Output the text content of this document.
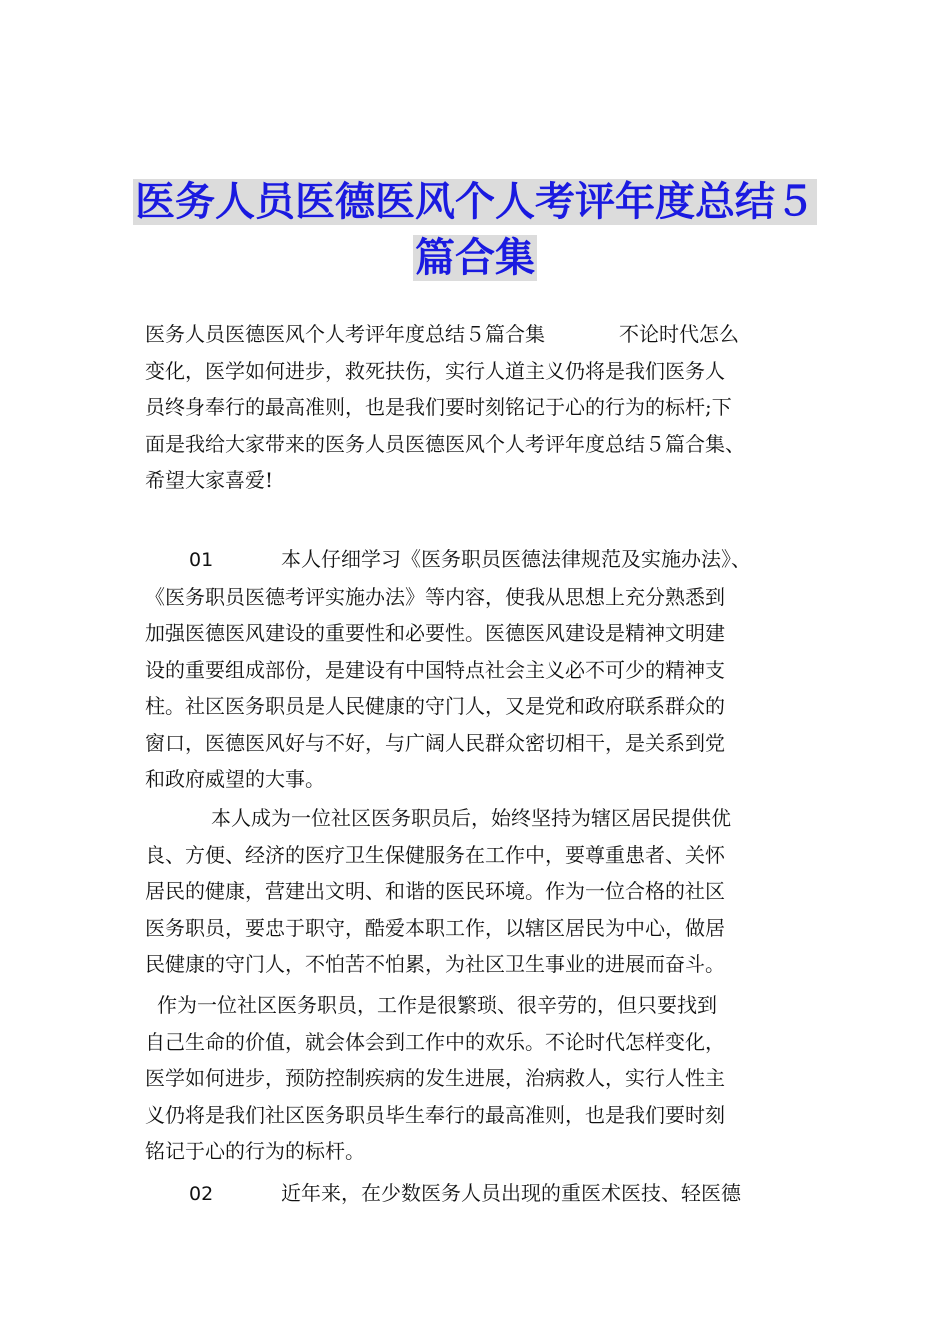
医务人员医德医风个人考评年度总结５
篇合集
医务人员医德医风个人考评年度总结５篇合集	不论时代怎么
变化，医学如何进步，救死扶伤，实行人道主义仍将是我们医务人
员终身奉行的最高准则，也是我们要时刻铭记于心的行为的标杆;下
面是我给大家带来的医务人员医德医风个人考评年度总结５篇合集、
希望大家喜爱!
01	本人仔细学习《医务职员医德法律规范及实施办法》、
《医务职员医德考评实施办法》等内容，使我从思想上充分熟悉到
加强医德医风建设的重要性和必要性。医德医风建设是精神文明建
设的重要组成部份，是建设有中国特点社会主义必不可少的精神支
柱。社区医务职员是人民健康的守门人，又是党和政府联系群众的
窗口，医德医风好与不好，与广阔人民群众密切相干，是关系到党
和政府威望的大事。
本人成为一位社区医务职员后，始终坚持为辖区居民提供优
良、方便、经济的医疗卫生保健服务在工作中，要尊重患者、关怀
居民的健康，营建出文明、和谐的医民环境。作为一位合格的社区
医务职员，要忠于职守，酷爱本职工作，以辖区居民为中心，做居
民健康的守门人，不怕苦不怕累，为社区卫生事业的进展而奋斗。
作为一位社区医务职员，工作是很繁琐、很辛劳的，但只要找到
自己生命的价值，就会体会到工作中的欢乐。不论时代怎样变化，
医学如何进步，预防控制疾病的发生进展，治病救人，实行人性主
义仍将是我们社区医务职员毕生奉行的最高准则，也是我们要时刻
铭记于心的行为的标杆。
02	近年来，在少数医务人员出现的重医术医技、轻医德
